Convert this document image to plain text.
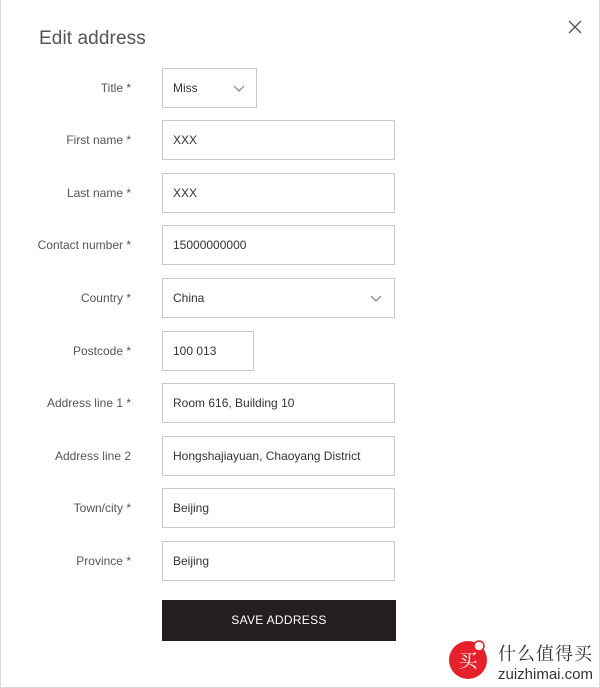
Edit address
Title *	Miss
First name *	XXX
Last name *	XXX
Contact number *	15000000000
Country *	China
Postcode *	100 013
Address line 1 *	Room 616, Building 10
Address line 2	Hongshajiayuan, Chaoyang District
Town/city *	Beijing
Province *	Beijing
SAVE ADDRESS
买 什么值得买
zuizhimai.com
